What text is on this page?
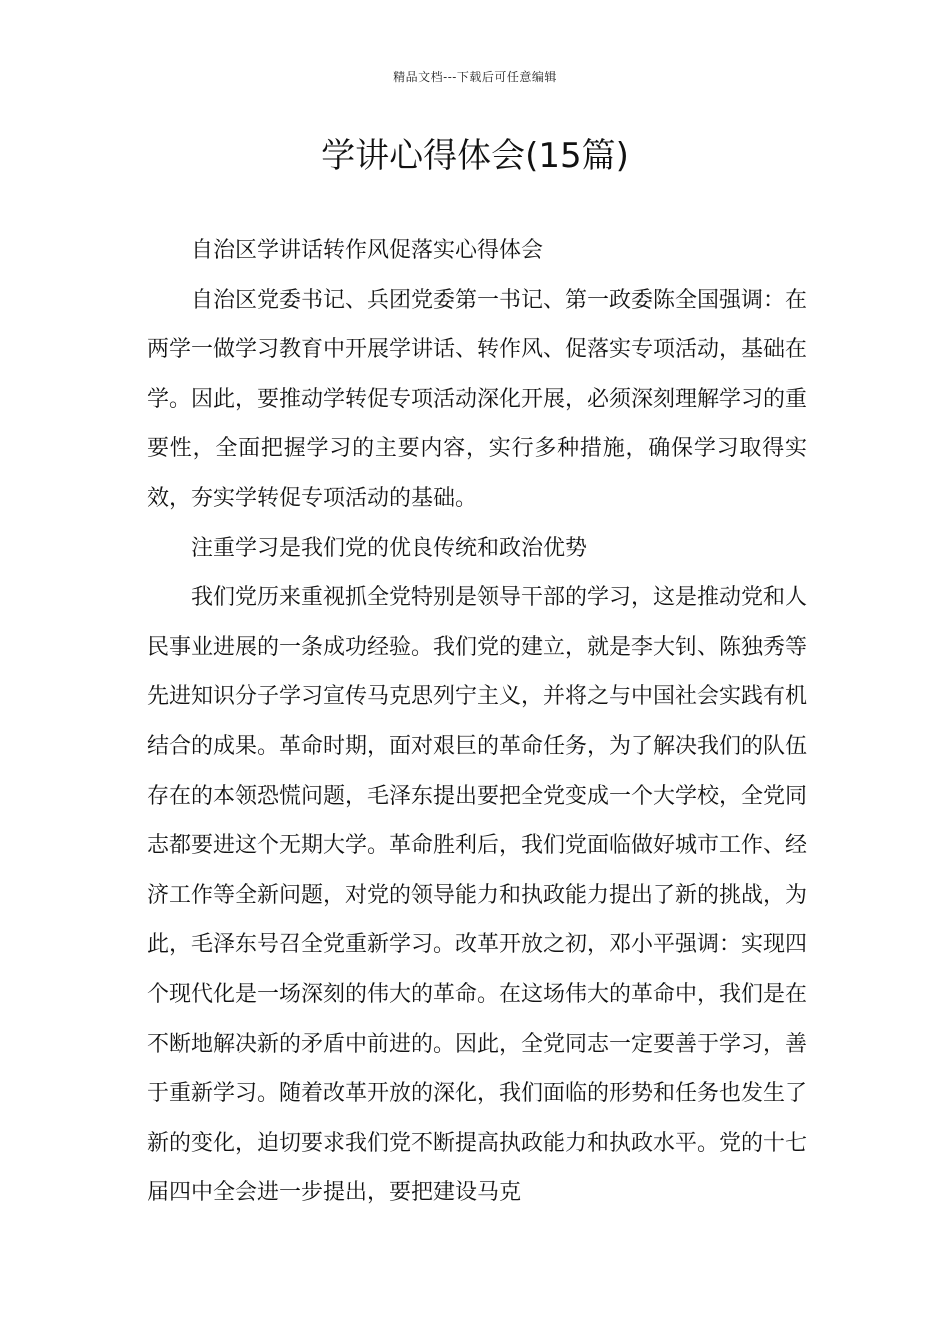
精品文档---下载后可任意编辑
学讲心得体会(15篇)

自治区学讲话转作风促落实心得体会

自治区党委书记、兵团党委第一书记、第一政委陈全国强调：在两学一做学习教育中开展学讲话、转作风、促落实专项活动，基础在学。因此，要推动学转促专项活动深化开展，必须深刻理解学习的重要性，全面把握学习的主要内容，实行多种措施，确保学习取得实效，夯实学转促专项活动的基础。

注重学习是我们党的优良传统和政治优势

我们党历来重视抓全党特别是领导干部的学习，这是推动党和人民事业进展的一条成功经验。我们党的建立，就是李大钊、陈独秀等先进知识分子学习宣传马克思列宁主义，并将之与中国社会实践有机结合的成果。革命时期，面对艰巨的革命任务，为了解决我们的队伍存在的本领恐慌问题，毛泽东提出要把全党变成一个大学校，全党同志都要进这个无期大学。革命胜利后，我们党面临做好城市工作、经济工作等全新问题，对党的领导能力和执政能力提出了新的挑战，为此，毛泽东号召全党重新学习。改革开放之初，邓小平强调：实现四个现代化是一场深刻的伟大的革命。在这场伟大的革命中，我们是在不断地解决新的矛盾中前进的。因此，全党同志一定要善于学习，善于重新学习。随着改革开放的深化，我们面临的形势和任务也发生了新的变化，迫切要求我们党不断提高执政能力和执政水平。党的十七届四中全会进一步提出，要把建设马克
